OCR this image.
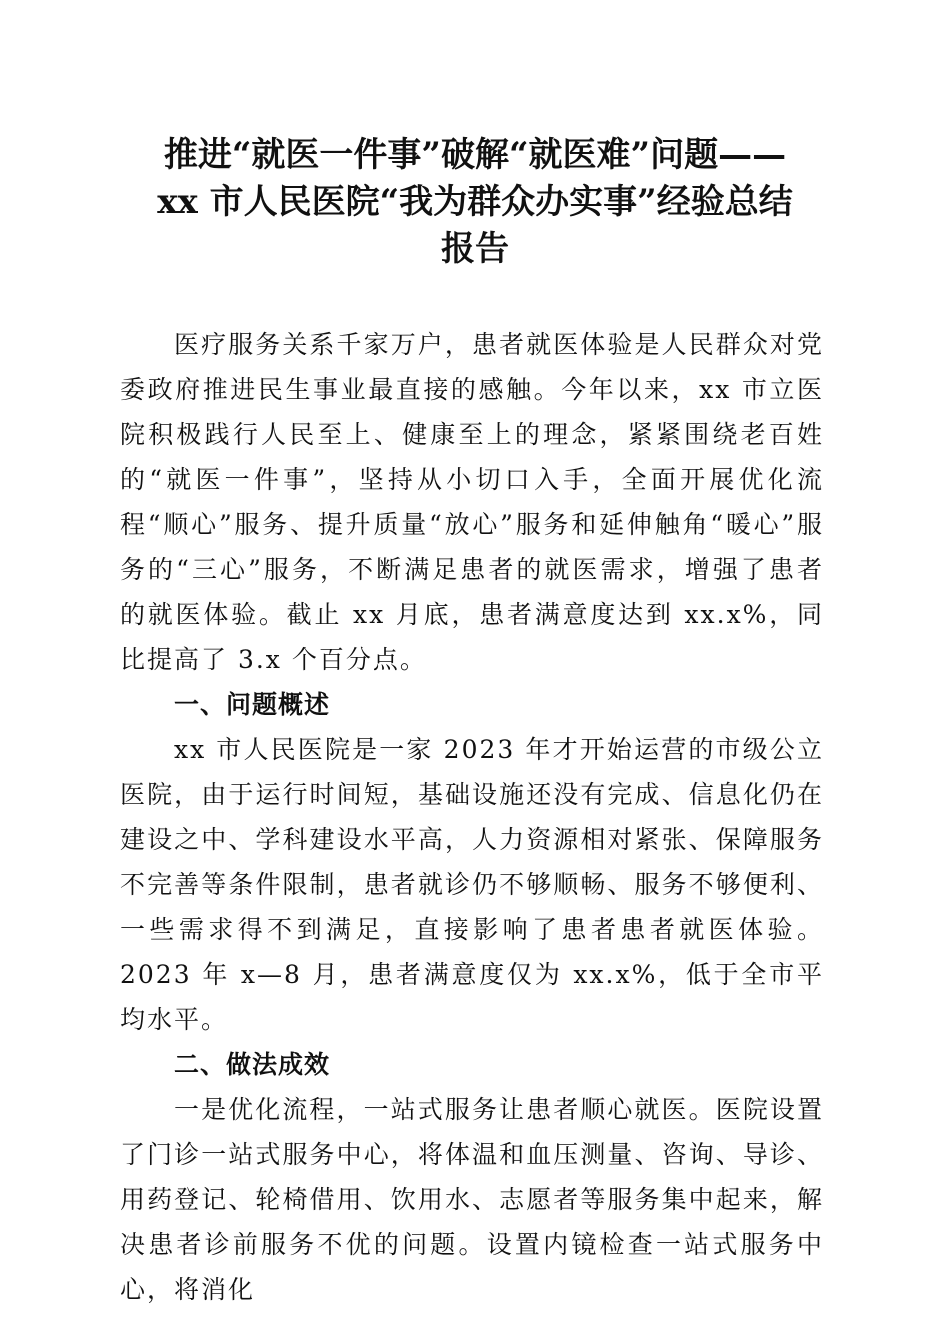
推进“就医一件事”破解“就医难”问题——
xx 市人民医院“我为群众办实事”经验总结
报告

医疗服务关系千家万户，患者就医体验是人民群众对党委政府推进民生事业最直接的感触。今年以来，xx 市立医院积极践行人民至上、健康至上的理念，紧紧围绕老百姓的“就医一件事”，坚持从小切口入手，全面开展优化流程“顺心”服务、提升质量“放心”服务和延伸触角“暖心”服务的“三心”服务，不断满足患者的就医需求，增强了患者的就医体验。截止 xx 月底，患者满意度达到 xx.x%，同比提高了 3.x 个百分点。

一、问题概述

xx 市人民医院是一家 2023 年才开始运营的市级公立医院，由于运行时间短，基础设施还没有完成、信息化仍在建设之中、学科建设水平高，人力资源相对紧张、保障服务不完善等条件限制，患者就诊仍不够顺畅、服务不够便利、一些需求得不到满足，直接影响了患者患者就医体验。2023 年 x—8 月，患者满意度仅为 xx.x%，低于全市平均水平。

二、做法成效

一是优化流程，一站式服务让患者顺心就医。医院设置了门诊一站式服务中心，将体温和血压测量、咨询、导诊、用药登记、轮椅借用、饮用水、志愿者等服务集中起来，解决患者诊前服务不优的问题。设置内镜检查一站式服务中心，将消化
